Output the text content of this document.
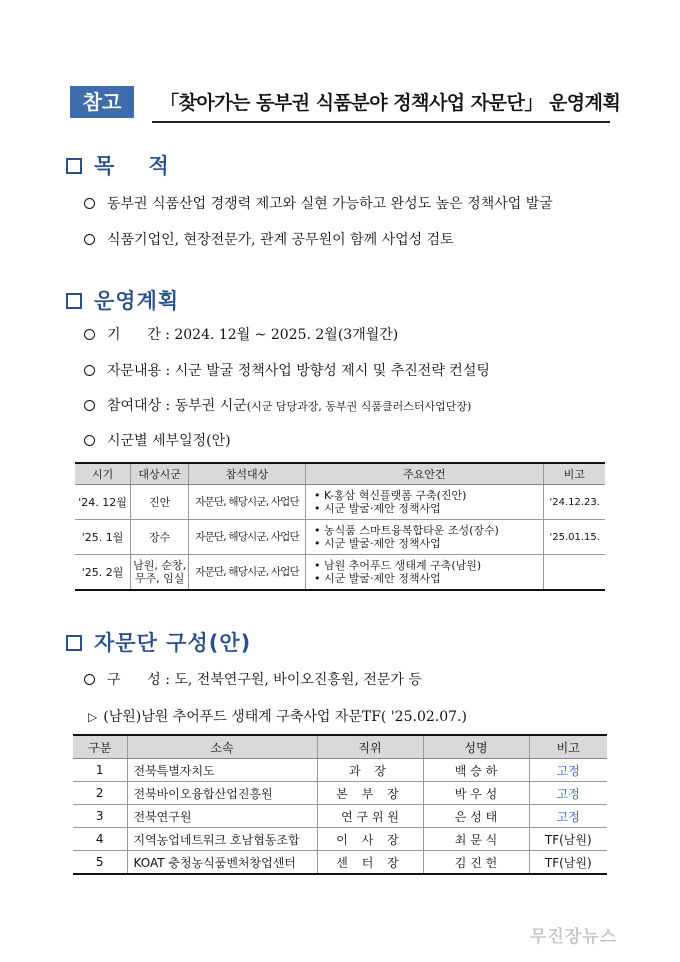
참고	「찾아가는 동부권 식품분야 정책사업 자문단」 운영계획
목    적
동부권 식품산업 경쟁력 제고와 실현 가능하고 완성도 높은 정책사업 발굴
식품기업인, 현장전문가, 관계 공무원이 함께 사업성 검토
운영계획
기      간 : 2024. 12월 ~ 2025. 2월(3개월간)
자문내용 : 시군 발굴 정책사업 방향성 제시 및 추진전략 컨설팅
참여대상 : 동부권 시군(시군 담당과장, 동부권 식품클러스터사업단장)
시군별 세부일정(안)
시기	대상시군	참석대상	주요안건	비고
'24. 12월	진안	자문단, 해당시군, 사업단	• K-홍삼 혁신플랫폼 구축(진안)
• 시군 발굴·제안 정책사업	'24.12.23.
'25. 1월	장수	자문단, 해당시군, 사업단	• 농식품 스마트융복합타운 조성(장수)
• 시군 발굴·제안 정책사업	'25.01.15.
'25. 2월	남원, 순창,
무주, 임실	자문단, 해당시군, 사업단	• 남원 추어푸드 생태계 구축(남원)
• 시군 발굴·제안 정책사업	

자문단 구성(안)
구      성 : 도, 전북연구원, 바이오진흥원, 전문가 등
▷ (남원)남원 추어푸드 생태계 구축사업 자문TF( '25.02.07.)
구분	소속	직위	성명	비고
1	전북특별자치도	과 장	백 승 하	고정
2	전북바이오융합산업진흥원	본 부 장	박 우 성	고정
3	전북연구원	연 구 위 원	은 성 태	고정
4	지역농업네트워크 호남협동조합	이 사 장	최 문 식	TF(남원)
5	KOAT 충청농식품벤처창업센터	센 터 장	김 진 헌	TF(남원)
무진장뉴스
